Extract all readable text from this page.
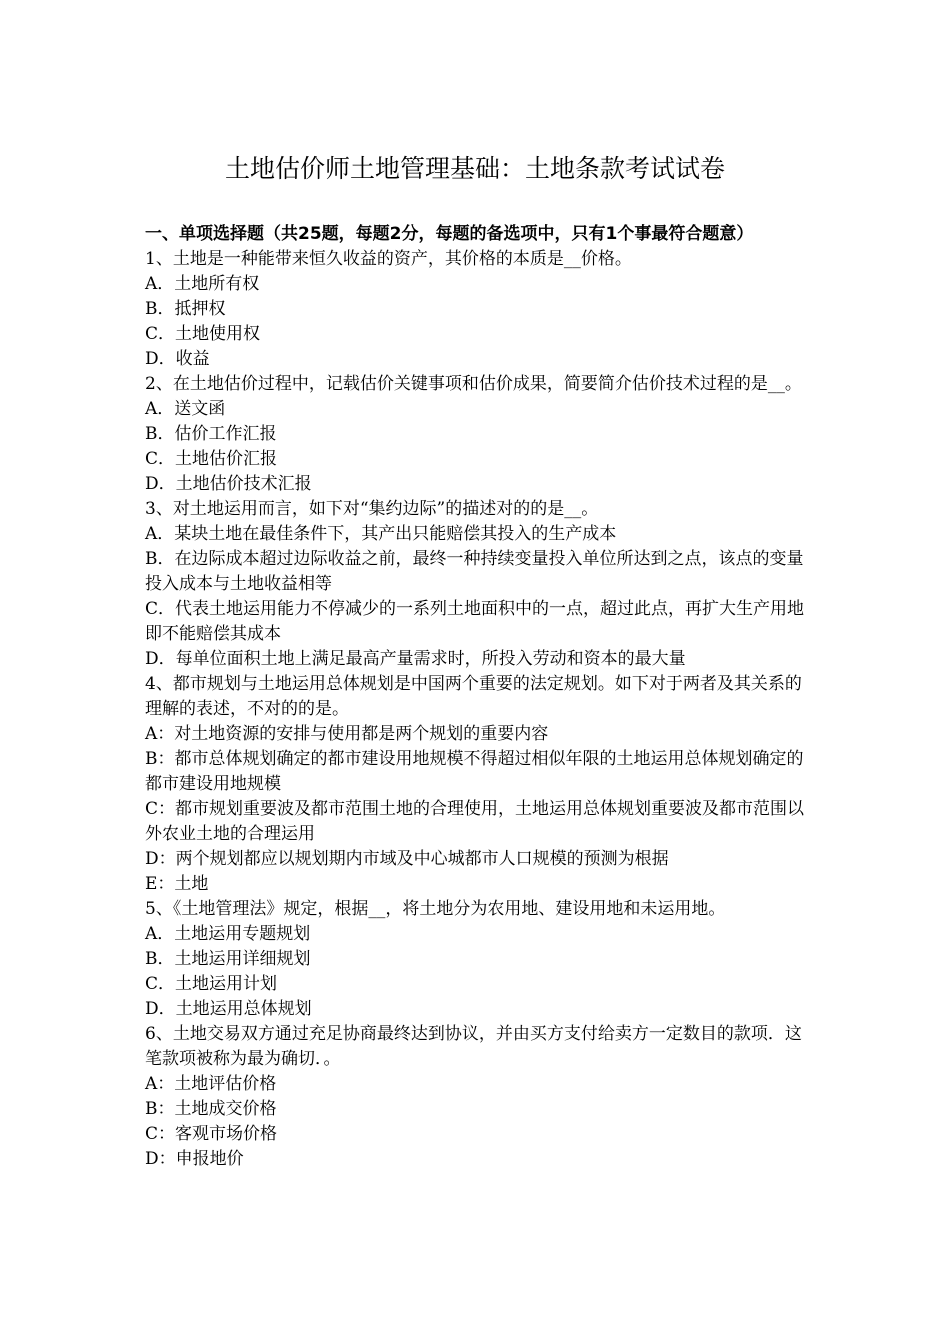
土地估价师土地管理基础：土地条款考试试卷

一、单项选择题（共25题，每题2分，每题的备选项中，只有1个事最符合题意）

1、土地是一种能带来恒久收益的资产，其价格的本质是__价格。

A．土地所有权

B．抵押权

C．土地使用权

D．收益

2、在土地估价过程中，记载估价关键事项和估价成果，简要简介估价技术过程的是__。

A．送文函

B．估价工作汇报

C．土地估价汇报

D．土地估价技术汇报

3、对土地运用而言，如下对“集约边际”的描述对的的是__。

A．某块土地在最佳条件下，其产出只能赔偿其投入的生产成本

B．在边际成本超过边际收益之前，最终一种持续变量投入单位所达到之点，该点的变量投入成本与土地收益相等

C．代表土地运用能力不停减少的一系列土地面积中的一点，超过此点，再扩大生产用地即不能赔偿其成本

D．每单位面积土地上满足最高产量需求时，所投入劳动和资本的最大量

4、都市规划与土地运用总体规划是中国两个重要的法定规划。如下对于两者及其关系的理解的表述，不对的的是。

A：对土地资源的安排与使用都是两个规划的重要内容

B：都市总体规划确定的都市建设用地规模不得超过相似年限的土地运用总体规划确定的都市建设用地规模

C：都市规划重要波及都市范围土地的合理使用，土地运用总体规划重要波及都市范围以外农业土地的合理运用

D：两个规划都应以规划期内市域及中心城都市人口规模的预测为根据

E：土地

5、《土地管理法》规定，根据__，将土地分为农用地、建设用地和未运用地。

A．土地运用专题规划

B．土地运用详细规划

C．土地运用计划

D．土地运用总体规划

6、土地交易双方通过充足协商最终达到协议，并由买方支付给卖方一定数目的款项．这笔款项被称为最为确切．。

A：土地评估价格

B：土地成交价格

C：客观市场价格

D：申报地价
